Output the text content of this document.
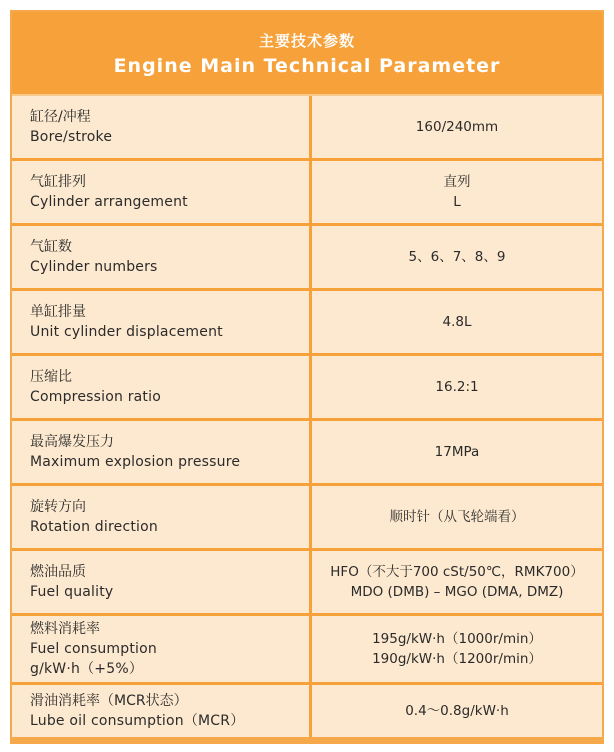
主要技术参数
Engine Main Technical Parameter
缸径/冲程
Bore/stroke
160/240mm
气缸排列
Cylinder arrangement
直列
L
气缸数
Cylinder numbers
5、6、7、8、9
单缸排量
Unit cylinder displacement
4.8L
压缩比
Compression ratio
16.2:1
最高爆发压力
Maximum explosion pressure
17MPa
旋转方向
Rotation direction
顺时针（从飞轮端看）
燃油品质
Fuel quality
HFO（不大于700 cSt/50℃，RMK700）
MDO (DMB) – MGO (DMA, DMZ)
燃料消耗率
Fuel consumption
g/kW·h（+5%）
195g/kW·h（1000r/min）
190g/kW·h（1200r/min）
滑油消耗率（MCR状态）
Lube oil consumption（MCR）
0.4～0.8g/kW·h
